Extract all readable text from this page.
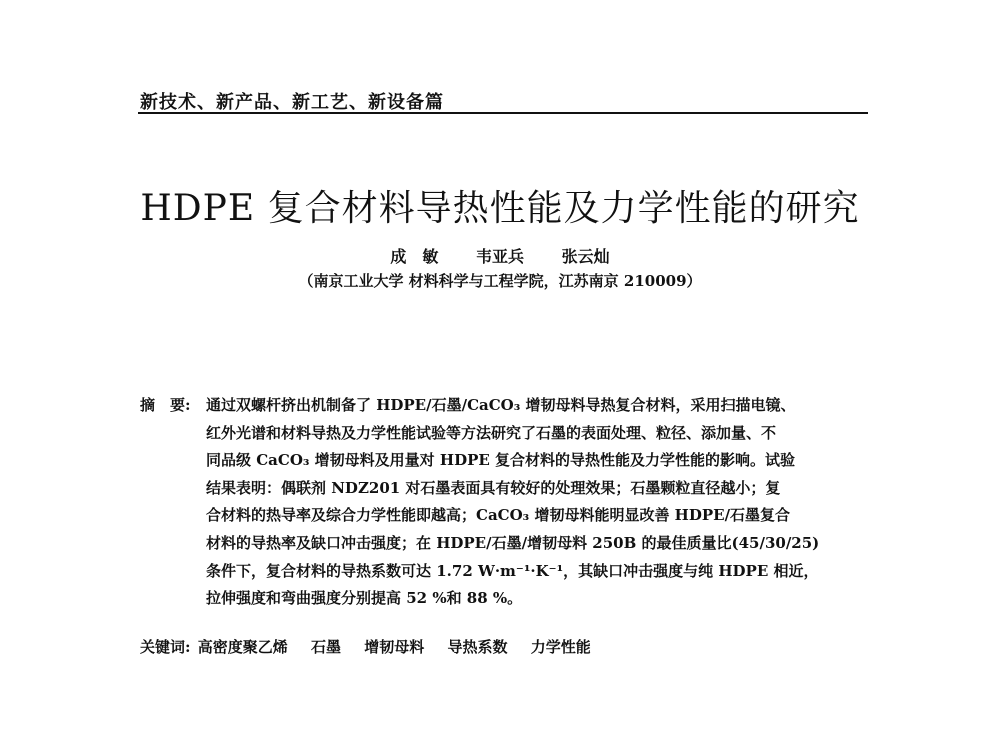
新技术、新产品、新工艺、新设备篇
HDPE 复合材料导热性能及力学性能的研究
成　敏 韦亚兵 张云灿
（南京工业大学 材料科学与工程学院，江苏南京 210009）
摘　要:	通过双螺杆挤出机制备了 HDPE/石墨/CaCO₃ 增韧母料导热复合材料，采用扫描电镜、
红外光谱和材料导热及力学性能试验等方法研究了石墨的表面处理、粒径、添加量、不
同品级 CaCO₃ 增韧母料及用量对 HDPE 复合材料的导热性能及力学性能的影响。试验
结果表明：偶联剂 NDZ201 对石墨表面具有较好的处理效果；石墨颗粒直径越小；复
合材料的热导率及综合力学性能即越高；CaCO₃ 增韧母料能明显改善 HDPE/石墨复合
材料的导热率及缺口冲击强度；在 HDPE/石墨/增韧母料 250B 的最佳质量比(45/30/25)
条件下，复合材料的导热系数可达 1.72 W·m⁻¹·K⁻¹，其缺口冲击强度与纯 HDPE 相近，
拉伸强度和弯曲强度分别提高 52 %和 88 %。
关键词: 高密度聚乙烯 石墨 增韧母料 导热系数 力学性能
